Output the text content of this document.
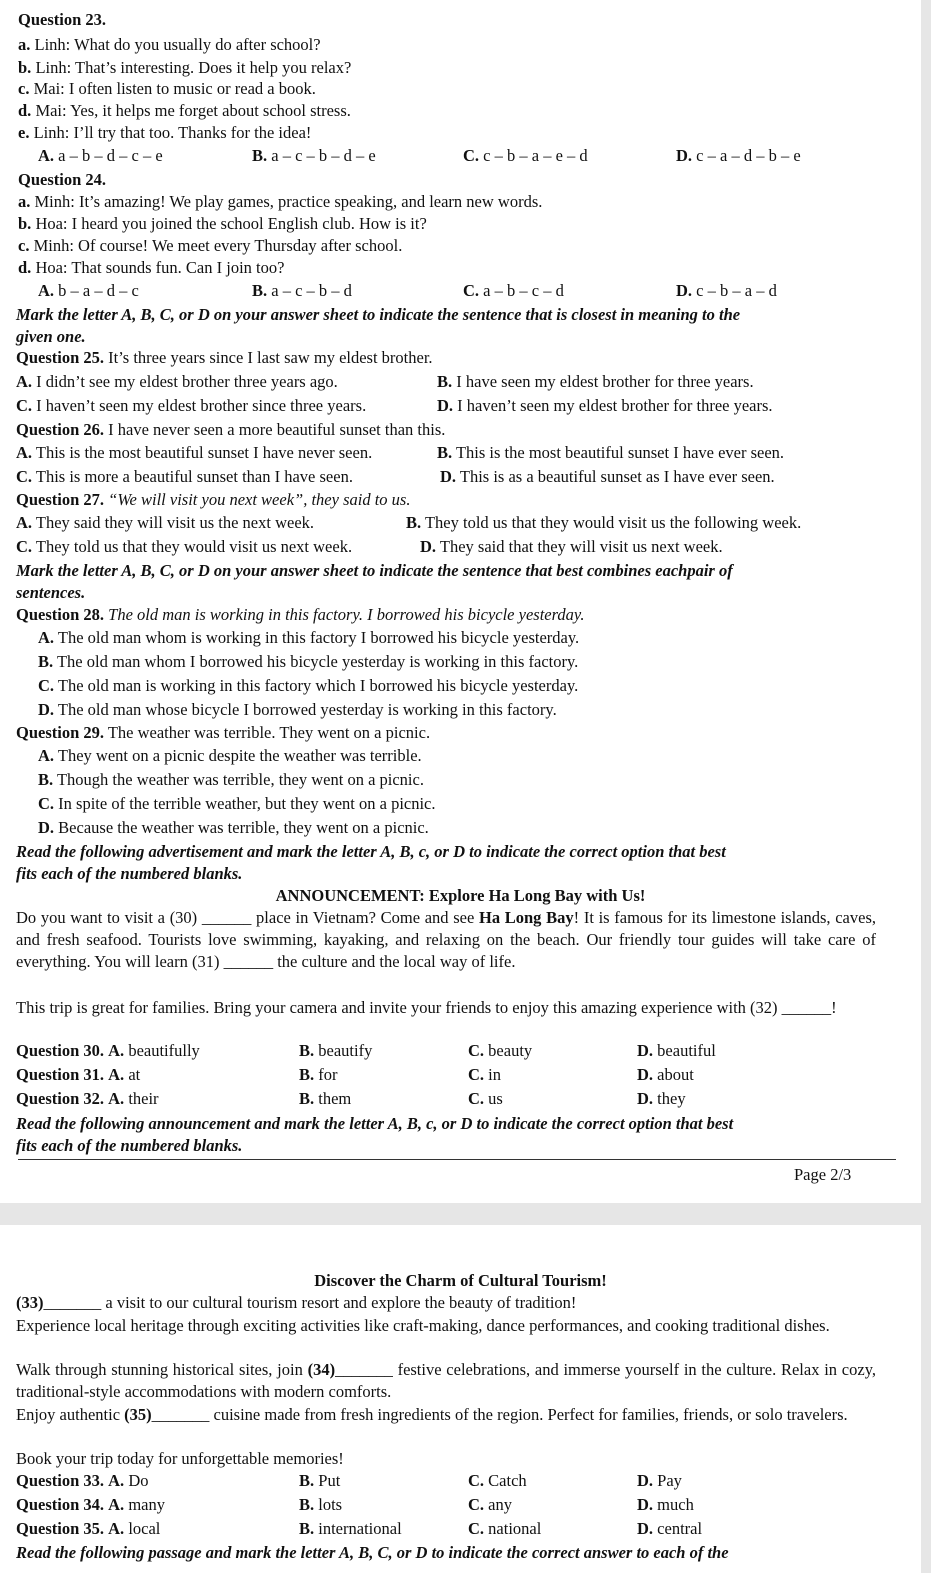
Question 23.
a. Linh: What do you usually do after school?
b. Linh: That’s interesting. Does it help you relax?
c. Mai: I often listen to music or read a book.
d. Mai: Yes, it helps me forget about school stress.
e. Linh: I’ll try that too. Thanks for the idea!
A. a – b – d – c – e	B. a – c – b – d – e	C. c – b – a – e – d	D. c – a – d – b – e
Question 24.
a. Minh: It’s amazing! We play games, practice speaking, and learn new words.
b. Hoa: I heard you joined the school English club. How is it?
c. Minh: Of course! We meet every Thursday after school.
d. Hoa: That sounds fun. Can I join too?
A. b – a – d – c	B. a – c – b – d	C. a – b – c – d	D. c – b – a – d
Mark the letter A, B, C, or D on your answer sheet to indicate the sentence that is closest in meaning to the
given one.
Question 25. It’s three years since I last saw my eldest brother.
A. I didn’t see my eldest brother three years ago.	B. I have seen my eldest brother for three years.
C. I haven’t seen my eldest brother since three years.	D. I haven’t seen my eldest brother for three years.
Question 26. I have never seen a more beautiful sunset than this.
A. This is the most beautiful sunset I have never seen.	B. This is the most beautiful sunset I have ever seen.
C. This is more a beautiful sunset than I have seen.	D. This is as a beautiful sunset as I have ever seen.
Question 27. “We will visit you next week”, they said to us.
A. They said they will visit us the next week.	B. They told us that they would visit us the following week.
C. They told us that they would visit us next week.	D. They said that they will visit us next week.
Mark the letter A, B, C, or D on your answer sheet to indicate the sentence that best combines eachpair of
sentences.
Question 28. The old man is working in this factory. I borrowed his bicycle yesterday.
A. The old man whom is working in this factory I borrowed his bicycle yesterday.
B. The old man whom I borrowed his bicycle yesterday is working in this factory.
C. The old man is working in this factory which I borrowed his bicycle yesterday.
D. The old man whose bicycle I borrowed yesterday is working in this factory.
Question 29. The weather was terrible. They went on a picnic.
A. They went on a picnic despite the weather was terrible.
B. Though the weather was terrible, they went on a picnic.
C. In spite of the terrible weather, but they went on a picnic.
D. Because the weather was terrible, they went on a picnic.
Read the following advertisement and mark the letter A, B, c, or D to indicate the correct option that best
fits each of the numbered blanks.
ANNOUNCEMENT: Explore Ha Long Bay with Us!
Do you want to visit a (30) ______ place in Vietnam? Come and see Ha Long Bay! It is famous for its limestone islands, caves, and fresh seafood. Tourists love swimming, kayaking, and relaxing on the beach. Our friendly tour guides will take care of everything. You will learn (31) ______ the culture and the local way of life.
This trip is great for families. Bring your camera and invite your friends to enjoy this amazing experience with (32) ______!
Question 30. A. beautifully	B. beautify	C. beauty	D. beautiful
Question 31. A. at	B. for	C. in	D. about
Question 32. A. their	B. them	C. us	D. they
Read the following announcement and mark the letter A, B, c, or D to indicate the correct option that best
fits each of the numbered blanks.
Page 2/3
Discover the Charm of Cultural Tourism!
(33)_______ a visit to our cultural tourism resort and explore the beauty of tradition!
Experience local heritage through exciting activities like craft-making, dance performances, and cooking traditional dishes.
Walk through stunning historical sites, join (34)_______ festive celebrations, and immerse yourself in the culture. Relax in cozy, traditional-style accommodations with modern comforts.
Enjoy authentic (35)_______ cuisine made from fresh ingredients of the region. Perfect for families, friends, or solo travelers.
Book your trip today for unforgettable memories!
Question 33. A. Do	B. Put	C. Catch	D. Pay
Question 34. A. many	B. lots	C. any	D. much
Question 35. A. local	B. international	C. national	D. central
Read the following passage and mark the letter A, B, C, or D to indicate the correct answer to each of the
